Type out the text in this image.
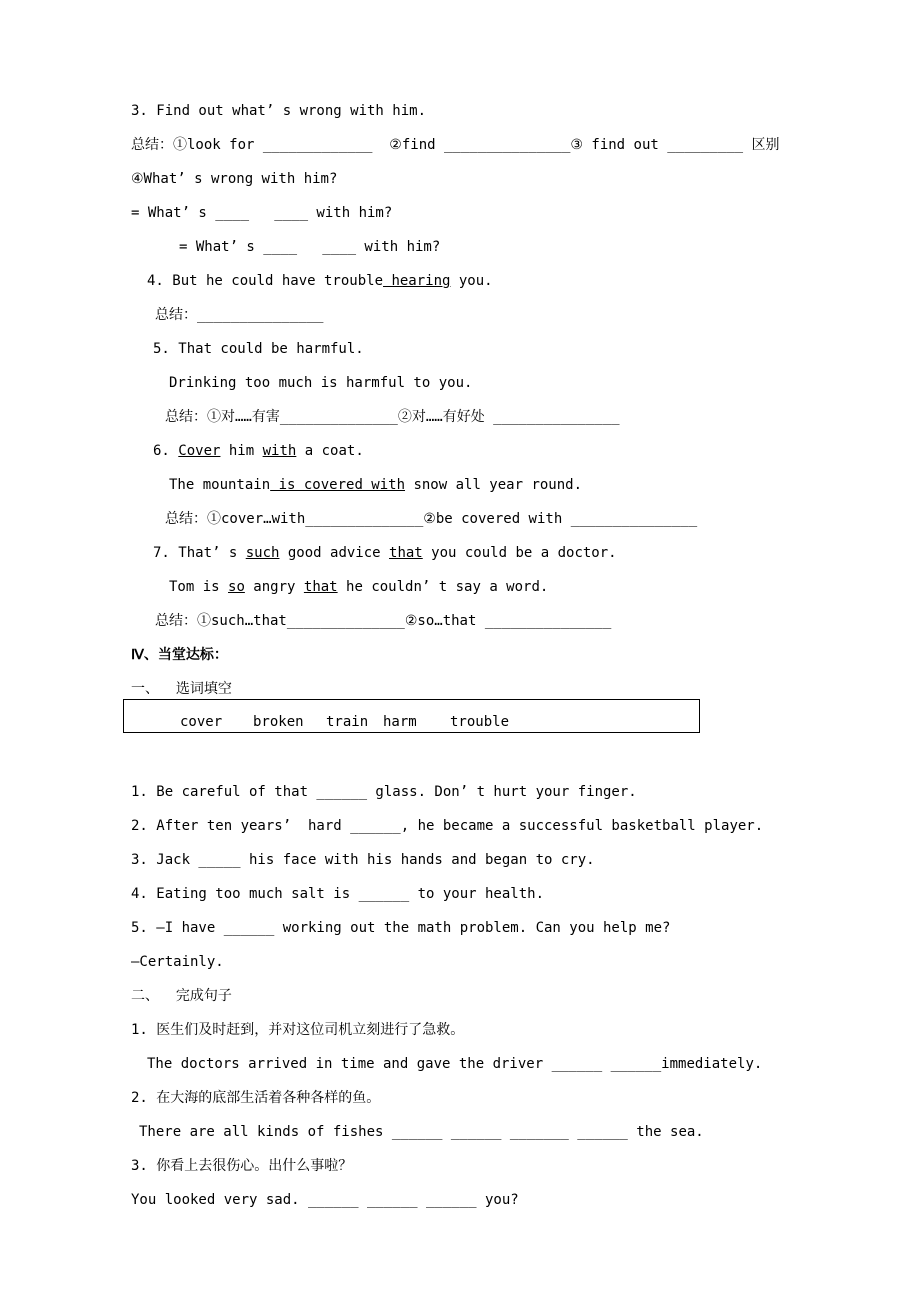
3. Find out what’ s wrong with him.
总结：①look for _____________  ②find _______________③ find out _________ 区别
④What’ s wrong with him?
= What’ s ____   ____ with him?
= What’ s ____   ____ with him?
4. But he could have trouble hearing you.
总结：_______________
5. That could be harmful.
Drinking too much is harmful to you.
总结：①对……有害______________②对……有好处 _______________
6. Cover him with a coat.
The mountain is covered with snow all year round.
总结：①cover…with______________②be covered with _______________
7. That’ s such good advice that you could be a doctor.
Tom is so angry that he couldn’ t say a word.
总结：①such…that______________②so…that _______________
Ⅳ、当堂达标：
一、  选词填空
cover broken train harm trouble
1. Be careful of that ______ glass. Don’ t hurt your finger.
2. After ten years’  hard ______, he became a successful basketball player.
3. Jack _____ his face with his hands and began to cry.
4. Eating too much salt is ______ to your health.
5. —I have ______ working out the math problem. Can you help me?
—Certainly.
二、  完成句子
1. 医生们及时赶到，并对这位司机立刻进行了急救。
The doctors arrived in time and gave the driver ______ ______immediately.
2. 在大海的底部生活着各种各样的鱼。
There are all kinds of fishes ______ ______ _______ ______ the sea.
3. 你看上去很伤心。出什么事啦？
You looked very sad. ______ ______ ______ you?
